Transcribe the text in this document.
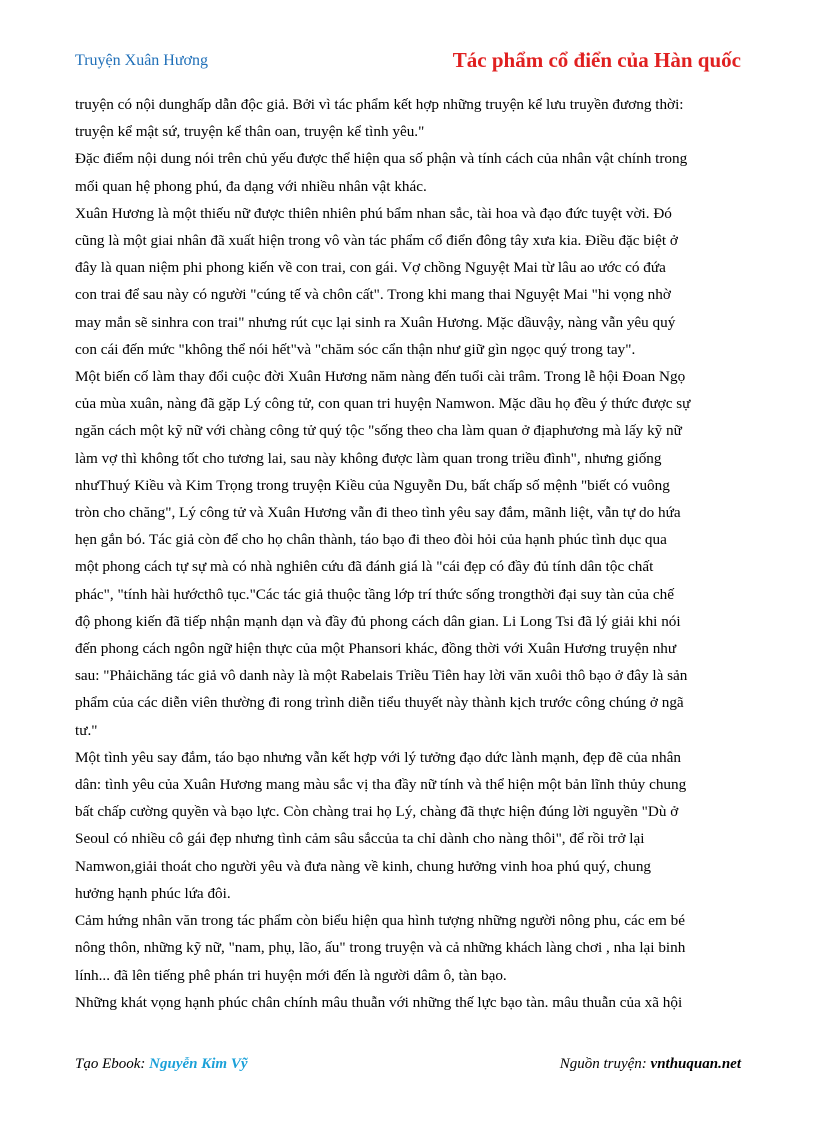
Truyện Xuân Hương	Tác phẩm cổ điển của Hàn quốc
truyện có nội dunghấp dẫn độc giả. Bởi vì tác phẩm kết hợp những truyện kể lưu truyền đương thời:
truyện kể mật sứ, truyện kể thân oan, truyện kể tình yêu."
Đặc điểm nội dung nói trên chủ yếu được thể hiện qua số phận và tính cách của nhân vật chính trong
mối quan hệ phong phú, đa dạng với nhiều nhân vật khác.
Xuân Hương là một thiếu nữ được thiên nhiên phú bẩm nhan sắc, tài hoa và đạo đức tuyệt vời. Đó
cũng là một giai nhân đã xuất hiện trong vô vàn tác phẩm cổ điển đông tây xưa kia. Điều đặc biệt ở
đây là quan niệm phi phong kiến về con trai, con gái. Vợ chồng Nguyệt Mai từ lâu ao ước có đứa
con trai để sau này có người "cúng tế và chôn cất". Trong khi mang thai Nguyệt Mai "hi vọng nhờ
may mắn sẽ sinhra con trai" nhưng rút cục lại sinh ra Xuân Hương. Mặc dầuvậy, nàng vẫn yêu quý
con cái đến mức "không thể nói hết"và "chăm sóc cẩn thận như giữ gìn ngọc quý trong tay".
Một biến cố làm thay đổi cuộc đời Xuân Hương năm nàng đến tuổi cài trâm. Trong lễ hội Đoan Ngọ
của mùa xuân, nàng đã gặp Lý công tử, con quan tri huyện Namwon. Mặc dầu họ đều ý thức được sự
ngăn cách một kỹ nữ với chàng công tử quý tộc "sống theo cha làm quan ở địaphương mà lấy kỹ nữ
làm vợ thì không tốt cho tương lai, sau này không được làm quan trong triều đình", nhưng giống
nhưThuý Kiều và Kim Trọng trong truyện Kiều của Nguyễn Du, bất chấp số mệnh "biết có vuông
tròn cho chăng", Lý công tử và Xuân Hương vẫn đi theo tình yêu say đắm, mãnh liệt, vẫn tự do hứa
hẹn gắn bó. Tác giả còn để cho họ chân thành, táo bạo đi theo đòi hỏi của hạnh phúc tình dục qua
một phong cách tự sự mà có nhà nghiên cứu đã đánh giá là "cái đẹp có đầy đủ tính dân tộc chất
phác", "tính hài hướcthô tục."Các tác giả thuộc tầng lớp trí thức sống trongthời đại suy tàn của chế
độ phong kiến đã tiếp nhận mạnh dạn và đầy đủ phong cách dân gian. Li Long Tsi đã lý giải khi nói
đến phong cách ngôn ngữ hiện thực của một Phansori khác, đồng thời với Xuân Hương truyện như
sau: "Phảichăng tác giả vô danh này là một Rabelais Triều Tiên hay lời văn xuôi thô bạo ở đây là sản
phẩm của các diễn viên thường đi rong trình diễn tiểu thuyết này thành kịch trước công chúng ở ngã
tư."
Một tình yêu say đắm, táo bạo nhưng vẫn kết hợp với lý tưởng đạo dức lành mạnh, đẹp đẽ của nhân
dân: tình yêu của Xuân Hương mang màu sắc vị tha đầy nữ tính và thể hiện một bản lĩnh thủy chung
bất chấp cường quyền và bạo lực. Còn chàng trai họ Lý, chàng đã thực hiện đúng lời nguyền "Dù ở
Seoul có nhiều cô gái đẹp nhưng tình cảm sâu sắccủa ta chỉ dành cho nàng thôi", để rồi trở lại
Namwon,giải thoát cho người yêu và đưa nàng về kinh, chung hưởng vinh hoa phú quý, chung
hưởng hạnh phúc lứa đôi.
Cảm hứng nhân văn trong tác phẩm còn biểu hiện qua hình tượng những người nông phu, các em bé
nông thôn, những kỹ nữ, "nam, phụ, lão, ấu" trong truyện và cả những khách làng chơi , nha lại binh
lính... đã lên tiếng phê phán tri huyện mới đến là người dâm ô, tàn bạo.
Những khát vọng hạnh phúc chân chính mâu thuẫn với những thế lực bạo tàn. mâu thuẫn của xã hội
Tạo Ebook: Nguyễn Kim Vỹ	Nguồn truyện: vnthuquan.net
